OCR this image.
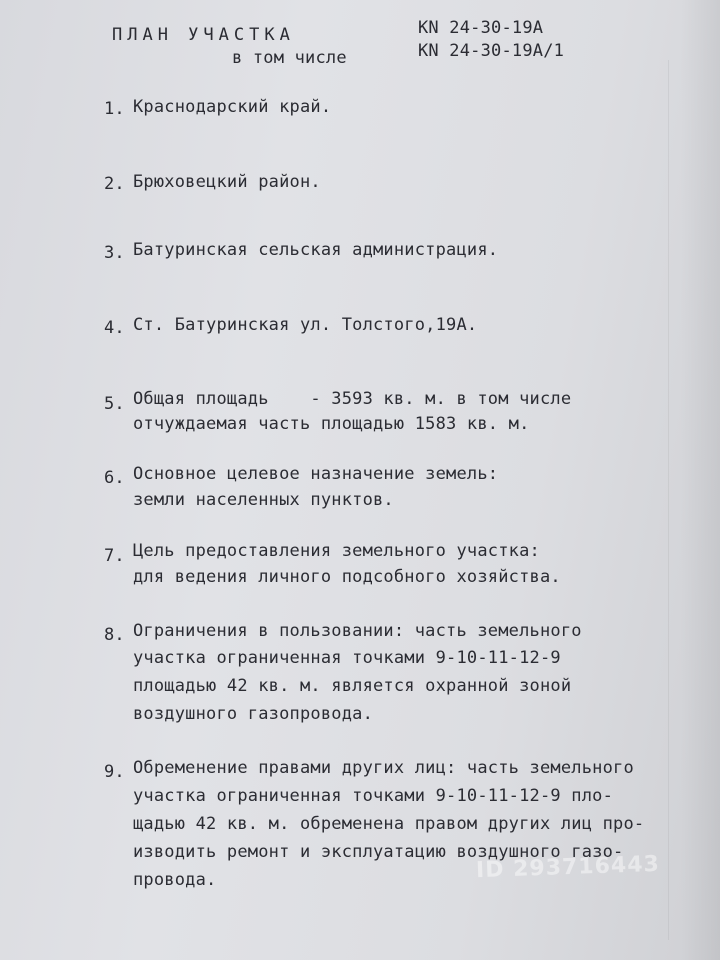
ПЛАН УЧАСТКА
в том числе
KN 24-30-19А
KN 24-30-19А/1
1. Краснодарский край.
2. Брюховецкий район.
3. Батуринская сельская администрация.
4. Ст. Батуринская ул. Толстого,19А.
5. Общая площадь    - 3593 кв. м. в том числе
отчуждаемая часть площадью 1583 кв. м.
6. Основное целевое назначение земель:
земли населенных пунктов.
7. Цель предоставления земельного участка:
для ведения личного подсобного хозяйства.
8. Ограничения в пользовании: часть земельного
участка ограниченная точками 9-10-11-12-9
площадью 42 кв. м. является охранной зоной
воздушного газопровода.
9. Обременение правами других лиц: часть земельного
участка ограниченная точками 9-10-11-12-9 пло-
щадью 42 кв. м. обременена правом других лиц про-
изводить ремонт и эксплуатацию воздушного газо-
провода.	ID 293716443
